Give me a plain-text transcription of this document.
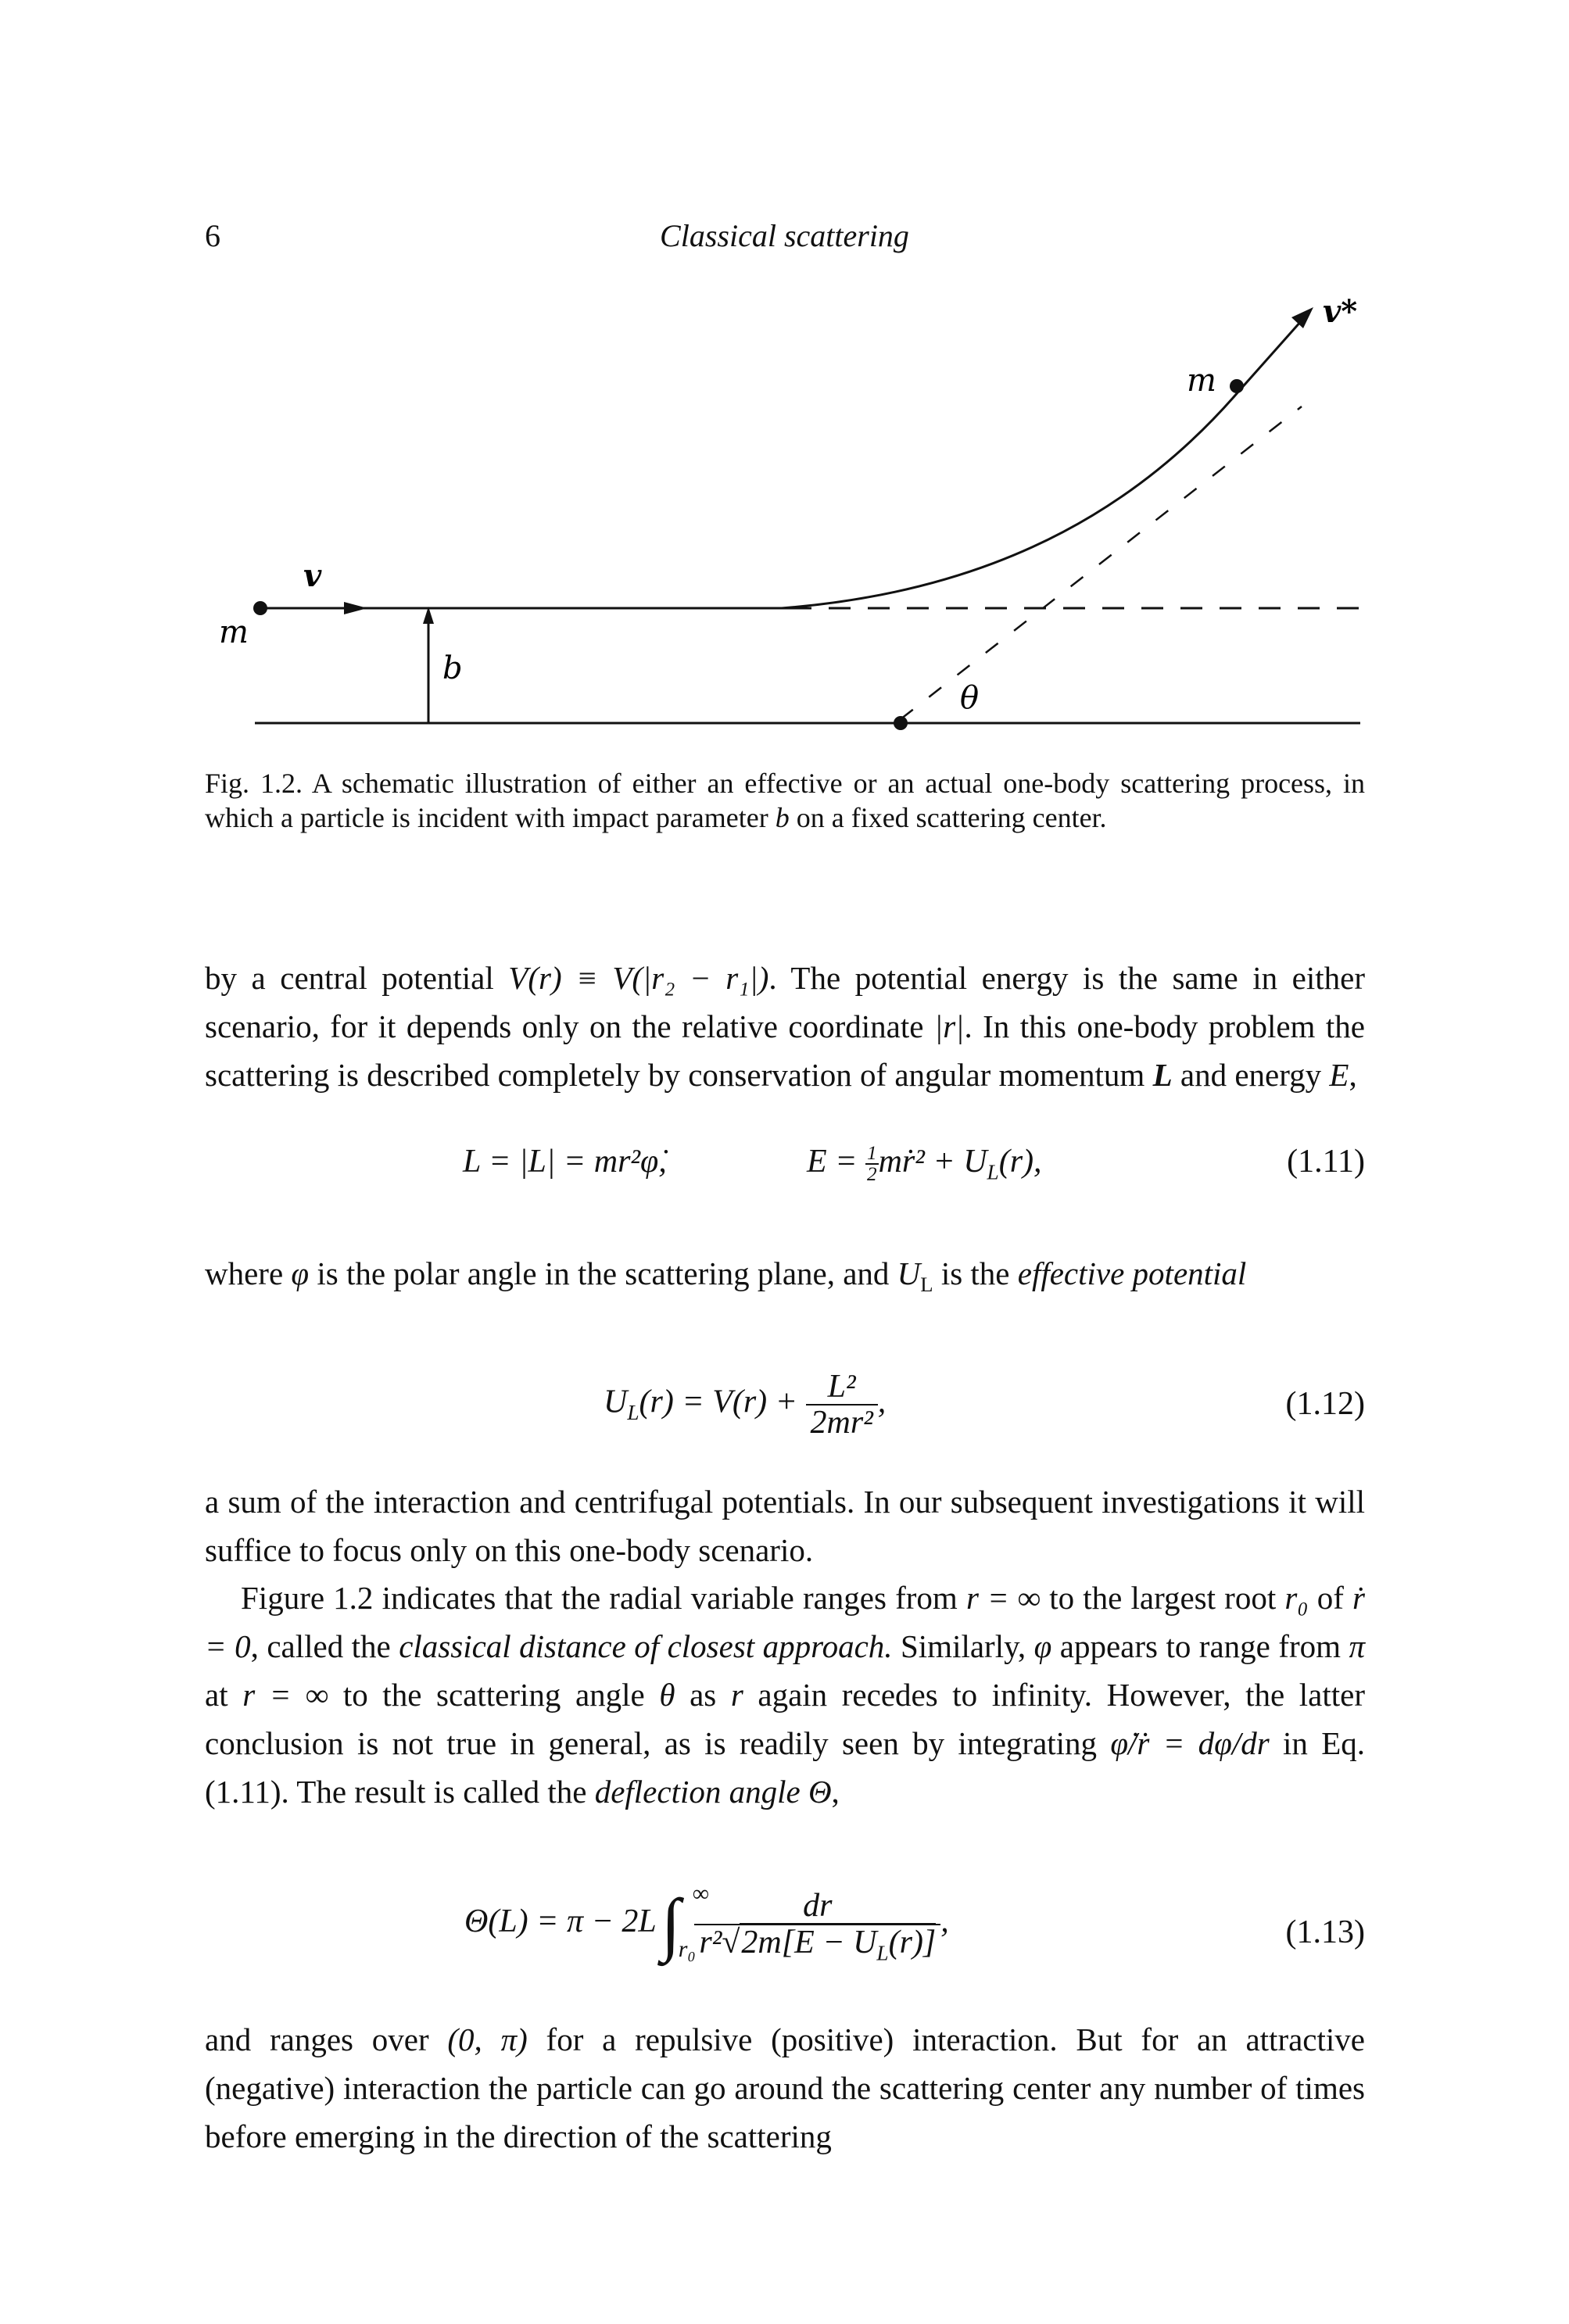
6	Classical scattering
m
v
b
m
v*
θ
Fig. 1.2. A schematic illustration of either an effective or an actual one-body scattering process, in which a particle is incident with impact parameter b on a fixed scattering center.

by a central potential V(r) ≡ V(|r₂ − r₁|). The potential energy is the same in either scenario, for it depends only on the relative coordinate |r|. In this one-body problem the scattering is described completely by conservation of angular momentum L and energy E,

L = |L| = mr²φ̇,	$E = \frac{1}{2}$ mṙ² + $U_L(r)$,	(1.11)

where φ is the polar angle in the scattering plane, and $U_L$ is the effective potential

$U_L(r) = V(r) + \frac{\text{L²}}{\text{2mr²}}$ ,	(1.12)

a sum of the interaction and centrifugal potentials. In our subsequent investigations it will suffice to focus only on this one-body scenario.

Figure 1.2 indicates that the radial variable ranges from r = ∞ to the largest root r₀ of ṙ = 0, called the classical distance of closest approach. Similarly, φ appears to range from π at r = ∞ to the scattering angle θ as r again recedes to infinity. However, the latter conclusion is not true in general, as is readily seen by integrating φ̇/ṙ = dφ/dr in Eq. (1.11). The result is called the deflection angle Θ,

Θ(L) = π − 2L∫ ∞
r₀
$\frac{dr}{r^2√2m[E - U_L(r)]}$ ,	(1.13)

and ranges over (0, π) for a repulsive (positive) interaction. But for an attractive (negative) interaction the particle can go around the scattering center any number of times before emerging in the direction of the scattering
